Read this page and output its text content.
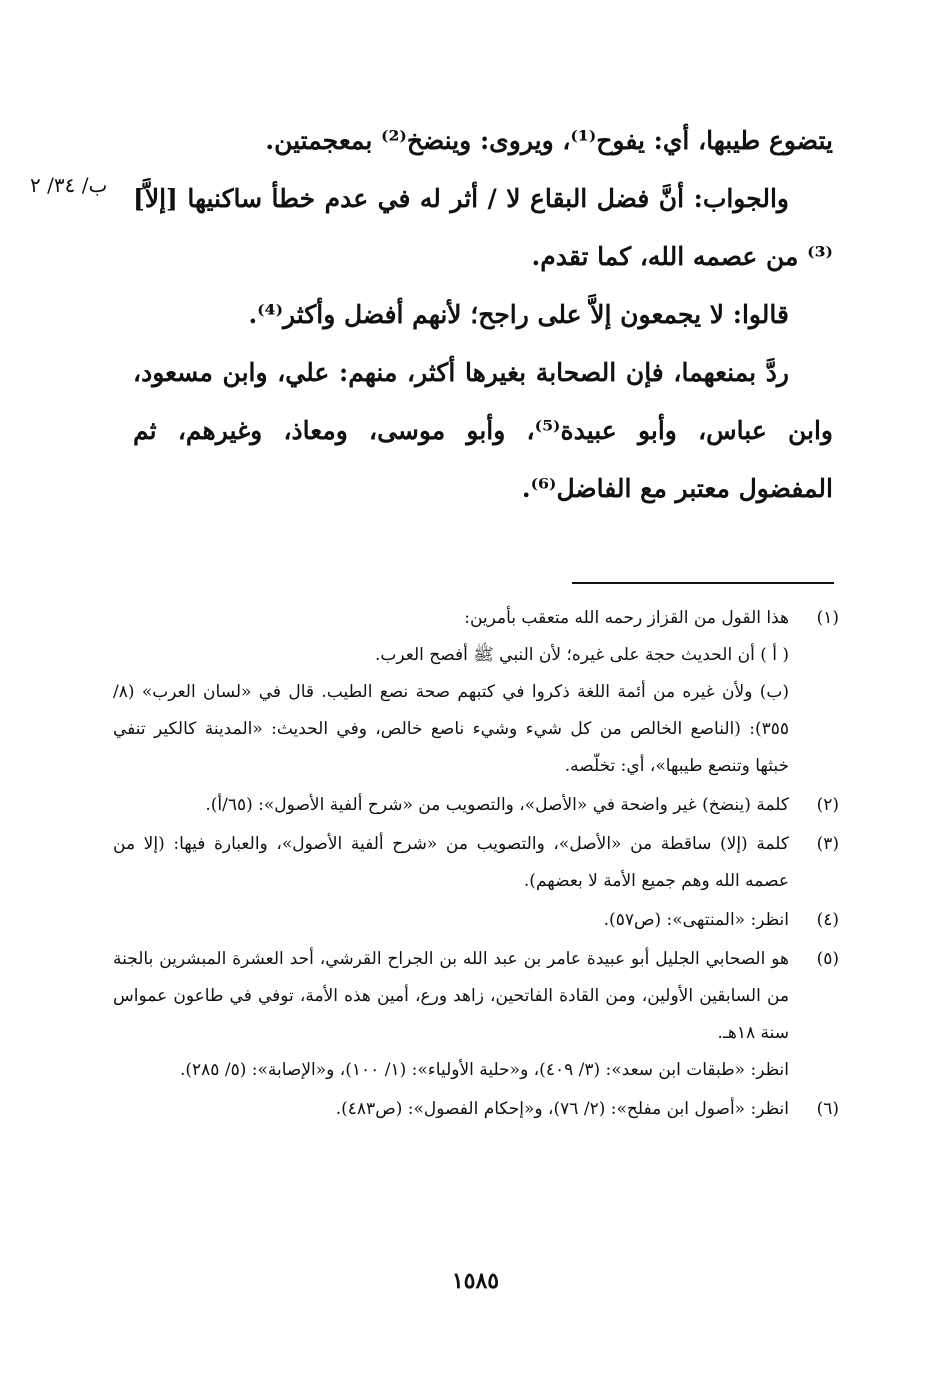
يتضوع طيبها، أي: يفوح⁽¹⁾، ويروى: وينضخ⁽²⁾ بمعجمتين.

والجواب: أنَّ فضل البقاع لا / أثر له في عدم خطأ ساكنيها [إلاَّ]⁽³⁾ من عصمه الله، كما تقدم.

قالوا: لا يجمعون إلاَّ على راجح؛ لأنهم أفضل وأكثر⁽⁴⁾.

ردَّ بمنعهما، فإن الصحابة بغيرها أكثر، منهم: علي، وابن مسعود، وابن عباس، وأبو عبيدة⁽⁵⁾، وأبو موسى، ومعاذ، وغيرهم، ثم المفضول معتبر مع الفاضل⁽⁶⁾.

ب/ ٣٤/ ٢
(١)

هذا القول من القزاز رحمه الله متعقب بأمرين:

( أ ) أن الحديث حجة على غيره؛ لأن النبي ﷺ أفصح العرب.

(ب) ولأن غيره من أئمة اللغة ذكروا في كتبهم صحة نصع الطيب. قال في «لسان العرب» (٨/ ٣٥٥): (الناصع الخالص من كل شيء وشيء ناصع خالص، وفي الحديث: «المدينة كالكير تنفي خبثها وتنصع طيبها»، أي: تخلّصه.

(٢)

كلمة (ينضخ) غير واضحة في «الأصل»، والتصويب من «شرح ألفية الأصول»: (٦٥/أ).

(٣)

كلمة (إلا) ساقطة من «الأصل»، والتصويب من «شرح ألفية الأصول»، والعبارة فيها: (إلا من عصمه الله وهم جميع الأمة لا بعضهم).

(٤)

انظر: «المنتهى»: (ص٥٧).

(٥)

هو الصحابي الجليل أبو عبيدة عامر بن عبد الله بن الجراح القرشي، أحد العشرة المبشرين بالجنة من السابقين الأولين، ومن القادة الفاتحين، زاهد ورع، أمين هذه الأمة، توفي في طاعون عمواس سنة ١٨هـ.

انظر: «طبقات ابن سعد»: (٣/ ٤٠٩)، و«حلية الأولياء»: (١/ ١٠٠)، و«الإصابة»: (٥/ ٢٨٥).

(٦)

انظر: «أصول ابن مفلح»: (٢/ ٧٦)، و«إحكام الفصول»: (ص٤٨٣).

١٥٨٥
